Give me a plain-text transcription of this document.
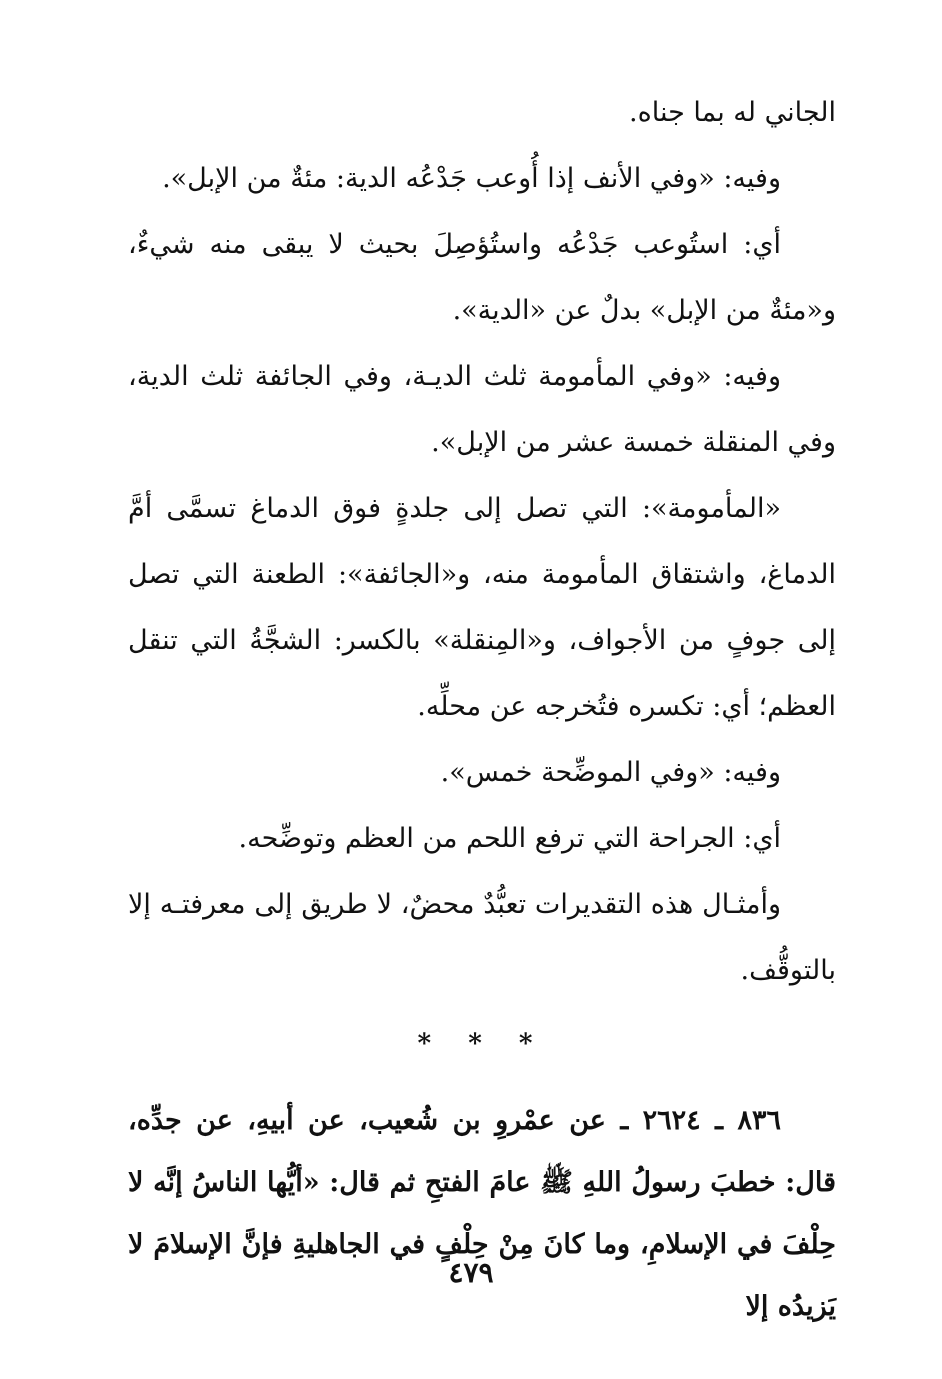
الجاني له بما جناه.

وفيه: «وفي الأنف إذا أُوعب جَدْعُه الدية: مئةٌ من الإبل».

أي: استُوعب جَدْعُه واستُؤصِلَ بحيث لا يبقى منه شيءٌ، و«مئةٌ من الإبل» بدلٌ عن «الدية».

وفيه: «وفي المأمومة ثلث الديـة، وفي الجائفة ثلث الدية، وفي المنقلة خمسة عشر من الإبل».

«المأمومة»: التي تصل إلى جلدةٍ فوق الدماغ تسمَّى أمَّ الدماغ، واشتقاق المأمومة منه، و«الجائفة»: الطعنة التي تصل إلى جوفٍ من الأجواف، و«المِنقلة» بالكسر: الشجَّةُ التي تنقل العظم؛ أي: تكسره فتُخرجه عن محلِّه.

وفيه: «وفي الموضِّحة خمس».

أي: الجراحة التي ترفع اللحم من العظم وتوضِّحه.

وأمثـال هذه التقديرات تعبُّدٌ محضٌ، لا طريق إلى معرفتـه إلا بالتوقُّف.

* * *

٨٣٦ ـ ٢٦٢٤ ـ عن عمْروِ بن شُعيب، عن أبيهِ، عن جدِّه، قال: خطبَ رسولُ اللهِ ﷺ عامَ الفتحِ ثم قال: «أيُّها الناسُ إنَّه لا حِلْفَ في الإسلامِ، وما كانَ مِنْ حِلْفٍ في الجاهليةِ فإنَّ الإسلامَ لا يَزيدُه إلا

٤٧٩
